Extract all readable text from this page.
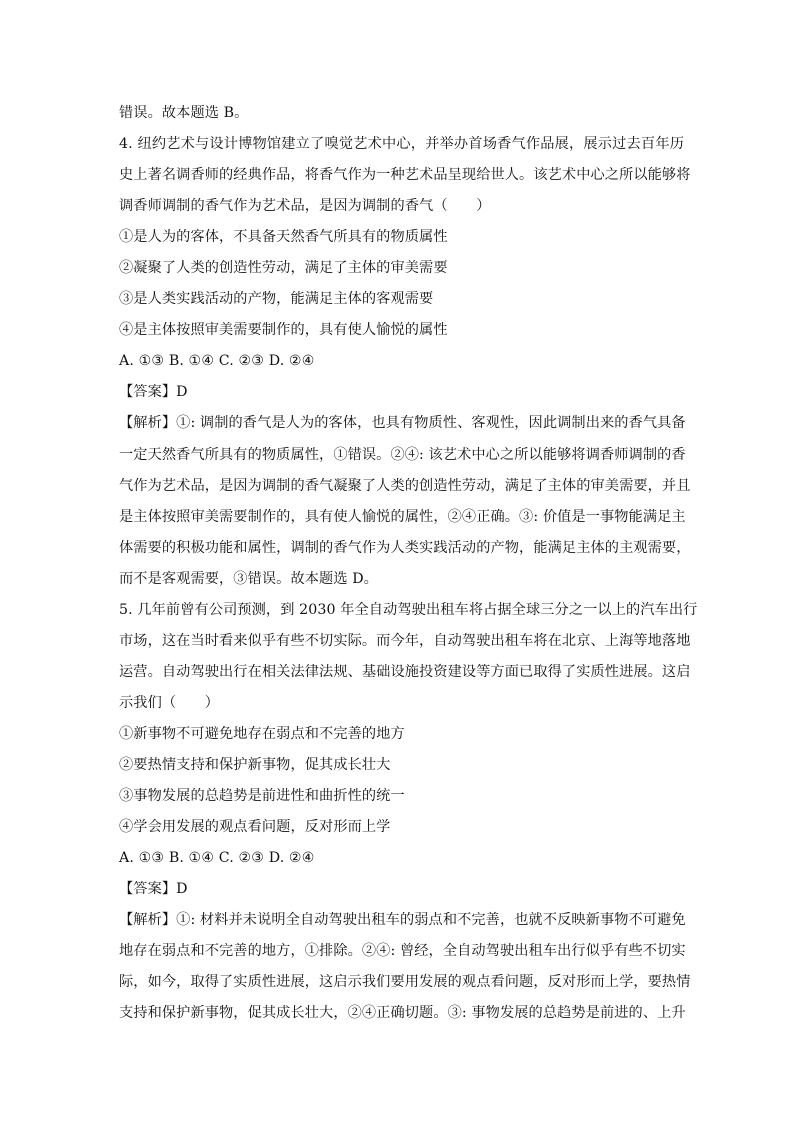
错误。故本题选 B。
4. 纽约艺术与设计博物馆建立了嗅觉艺术中心，并举办首场香气作品展，展示过去百年历
史上著名调香师的经典作品，将香气作为一种艺术品呈现给世人。该艺术中心之所以能够将
调香师调制的香气作为艺术品，是因为调制的香气（　　）
①是人为的客体，不具备天然香气所具有的物质属性
②凝聚了人类的创造性劳动，满足了主体的审美需要
③是人类实践活动的产物，能满足主体的客观需要
④是主体按照审美需要制作的，具有使人愉悦的属性
A. ①③ B. ①④ C. ②③ D. ②④
【答案】D
【解析】①: 调制的香气是人为的客体，也具有物质性、客观性，因此调制出来的香气具备
一定天然香气所具有的物质属性，①错误。②④: 该艺术中心之所以能够将调香师调制的香
气作为艺术品，是因为调制的香气凝聚了人类的创造性劳动，满足了主体的审美需要，并且
是主体按照审美需要制作的，具有使人愉悦的属性，②④正确。③: 价值是一事物能满足主
体需要的积极功能和属性，调制的香气作为人类实践活动的产物，能满足主体的主观需要，
而不是客观需要，③错误。故本题选 D。
5. 几年前曾有公司预测，到 2030 年全自动驾驶出租车将占据全球三分之一以上的汽车出行
市场，这在当时看来似乎有些不切实际。而今年，自动驾驶出租车将在北京、上海等地落地
运营。自动驾驶出行在相关法律法规、基础设施投资建设等方面已取得了实质性进展。这启
示我们（　　）
①新事物不可避免地存在弱点和不完善的地方
②要热情支持和保护新事物，促其成长壮大
③事物发展的总趋势是前进性和曲折性的统一
④学会用发展的观点看问题，反对形而上学
A. ①③ B. ①④ C. ②③ D. ②④
【答案】D
【解析】①: 材料并未说明全自动驾驶出租车的弱点和不完善，也就不反映新事物不可避免
地存在弱点和不完善的地方，①排除。②④: 曾经，全自动驾驶出租车出行似乎有些不切实
际，如今，取得了实质性进展，这启示我们要用发展的观点看问题，反对形而上学，要热情
支持和保护新事物，促其成长壮大，②④正确切题。③: 事物发展的总趋势是前进的、上升
